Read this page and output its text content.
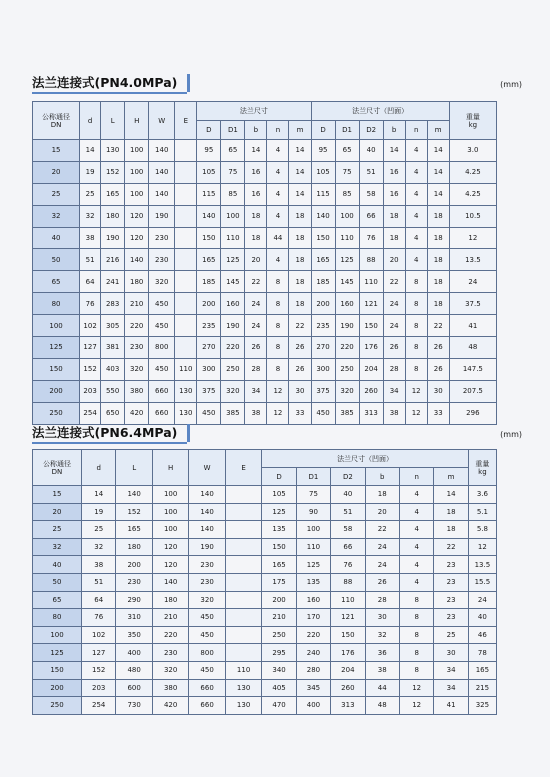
法兰连接式(PN4.0MPa)	(mm)
公称通径
DN	d	L	H	W	E	法兰尺寸					法兰尺寸（凹面）						重量
kg

						D	D1	b	n	m	D	D1	D2	b	n	m	
15	14	130	100	140		95	65	14	4	14	95	65	40	14	4	14	3.0
20	19	152	100	140		105	75	16	4	14	105	75	51	16	4	14	4.25
25	25	165	100	140		115	85	16	4	14	115	85	58	16	4	14	4.25
32	32	180	120	190		140	100	18	4	18	140	100	66	18	4	18	10.5
40	38	190	120	230		150	110	18	44	18	150	110	76	18	4	18	12
50	51	216	140	230		165	125	20	4	18	165	125	88	20	4	18	13.5
65	64	241	180	320		185	145	22	8	18	185	145	110	22	8	18	24
80	76	283	210	450		200	160	24	8	18	200	160	121	24	8	18	37.5
100	102	305	220	450		235	190	24	8	22	235	190	150	24	8	22	41
125	127	381	230	800		270	220	26	8	26	270	220	176	26	8	26	48
150	152	403	320	450	110	300	250	28	8	26	300	250	204	28	8	26	147.5
200	203	550	380	660	130	375	320	34	12	30	375	320	260	34	12	30	207.5
250	254	650	420	660	130	450	385	38	12	33	450	385	313	38	12	33	296
法兰连接式(PN6.4MPa)	(mm)
公称通径
DN	d	L	H	W	E	法兰尺寸（凹面）						重量
kg

						D	D1	D2	b	n	m	
15	14	140	100	140		105	75	40	18	4	14	3.6
20	19	152	100	140		125	90	51	20	4	18	5.1
25	25	165	100	140		135	100	58	22	4	18	5.8
32	32	180	120	190		150	110	66	24	4	22	12
40	38	200	120	230		165	125	76	24	4	23	13.5
50	51	230	140	230		175	135	88	26	4	23	15.5
65	64	290	180	320		200	160	110	28	8	23	24
80	76	310	210	450		210	170	121	30	8	23	40
100	102	350	220	450		250	220	150	32	8	25	46
125	127	400	230	800		295	240	176	36	8	30	78
150	152	480	320	450	110	340	280	204	38	8	34	165
200	203	600	380	660	130	405	345	260	44	12	34	215
250	254	730	420	660	130	470	400	313	48	12	41	325
